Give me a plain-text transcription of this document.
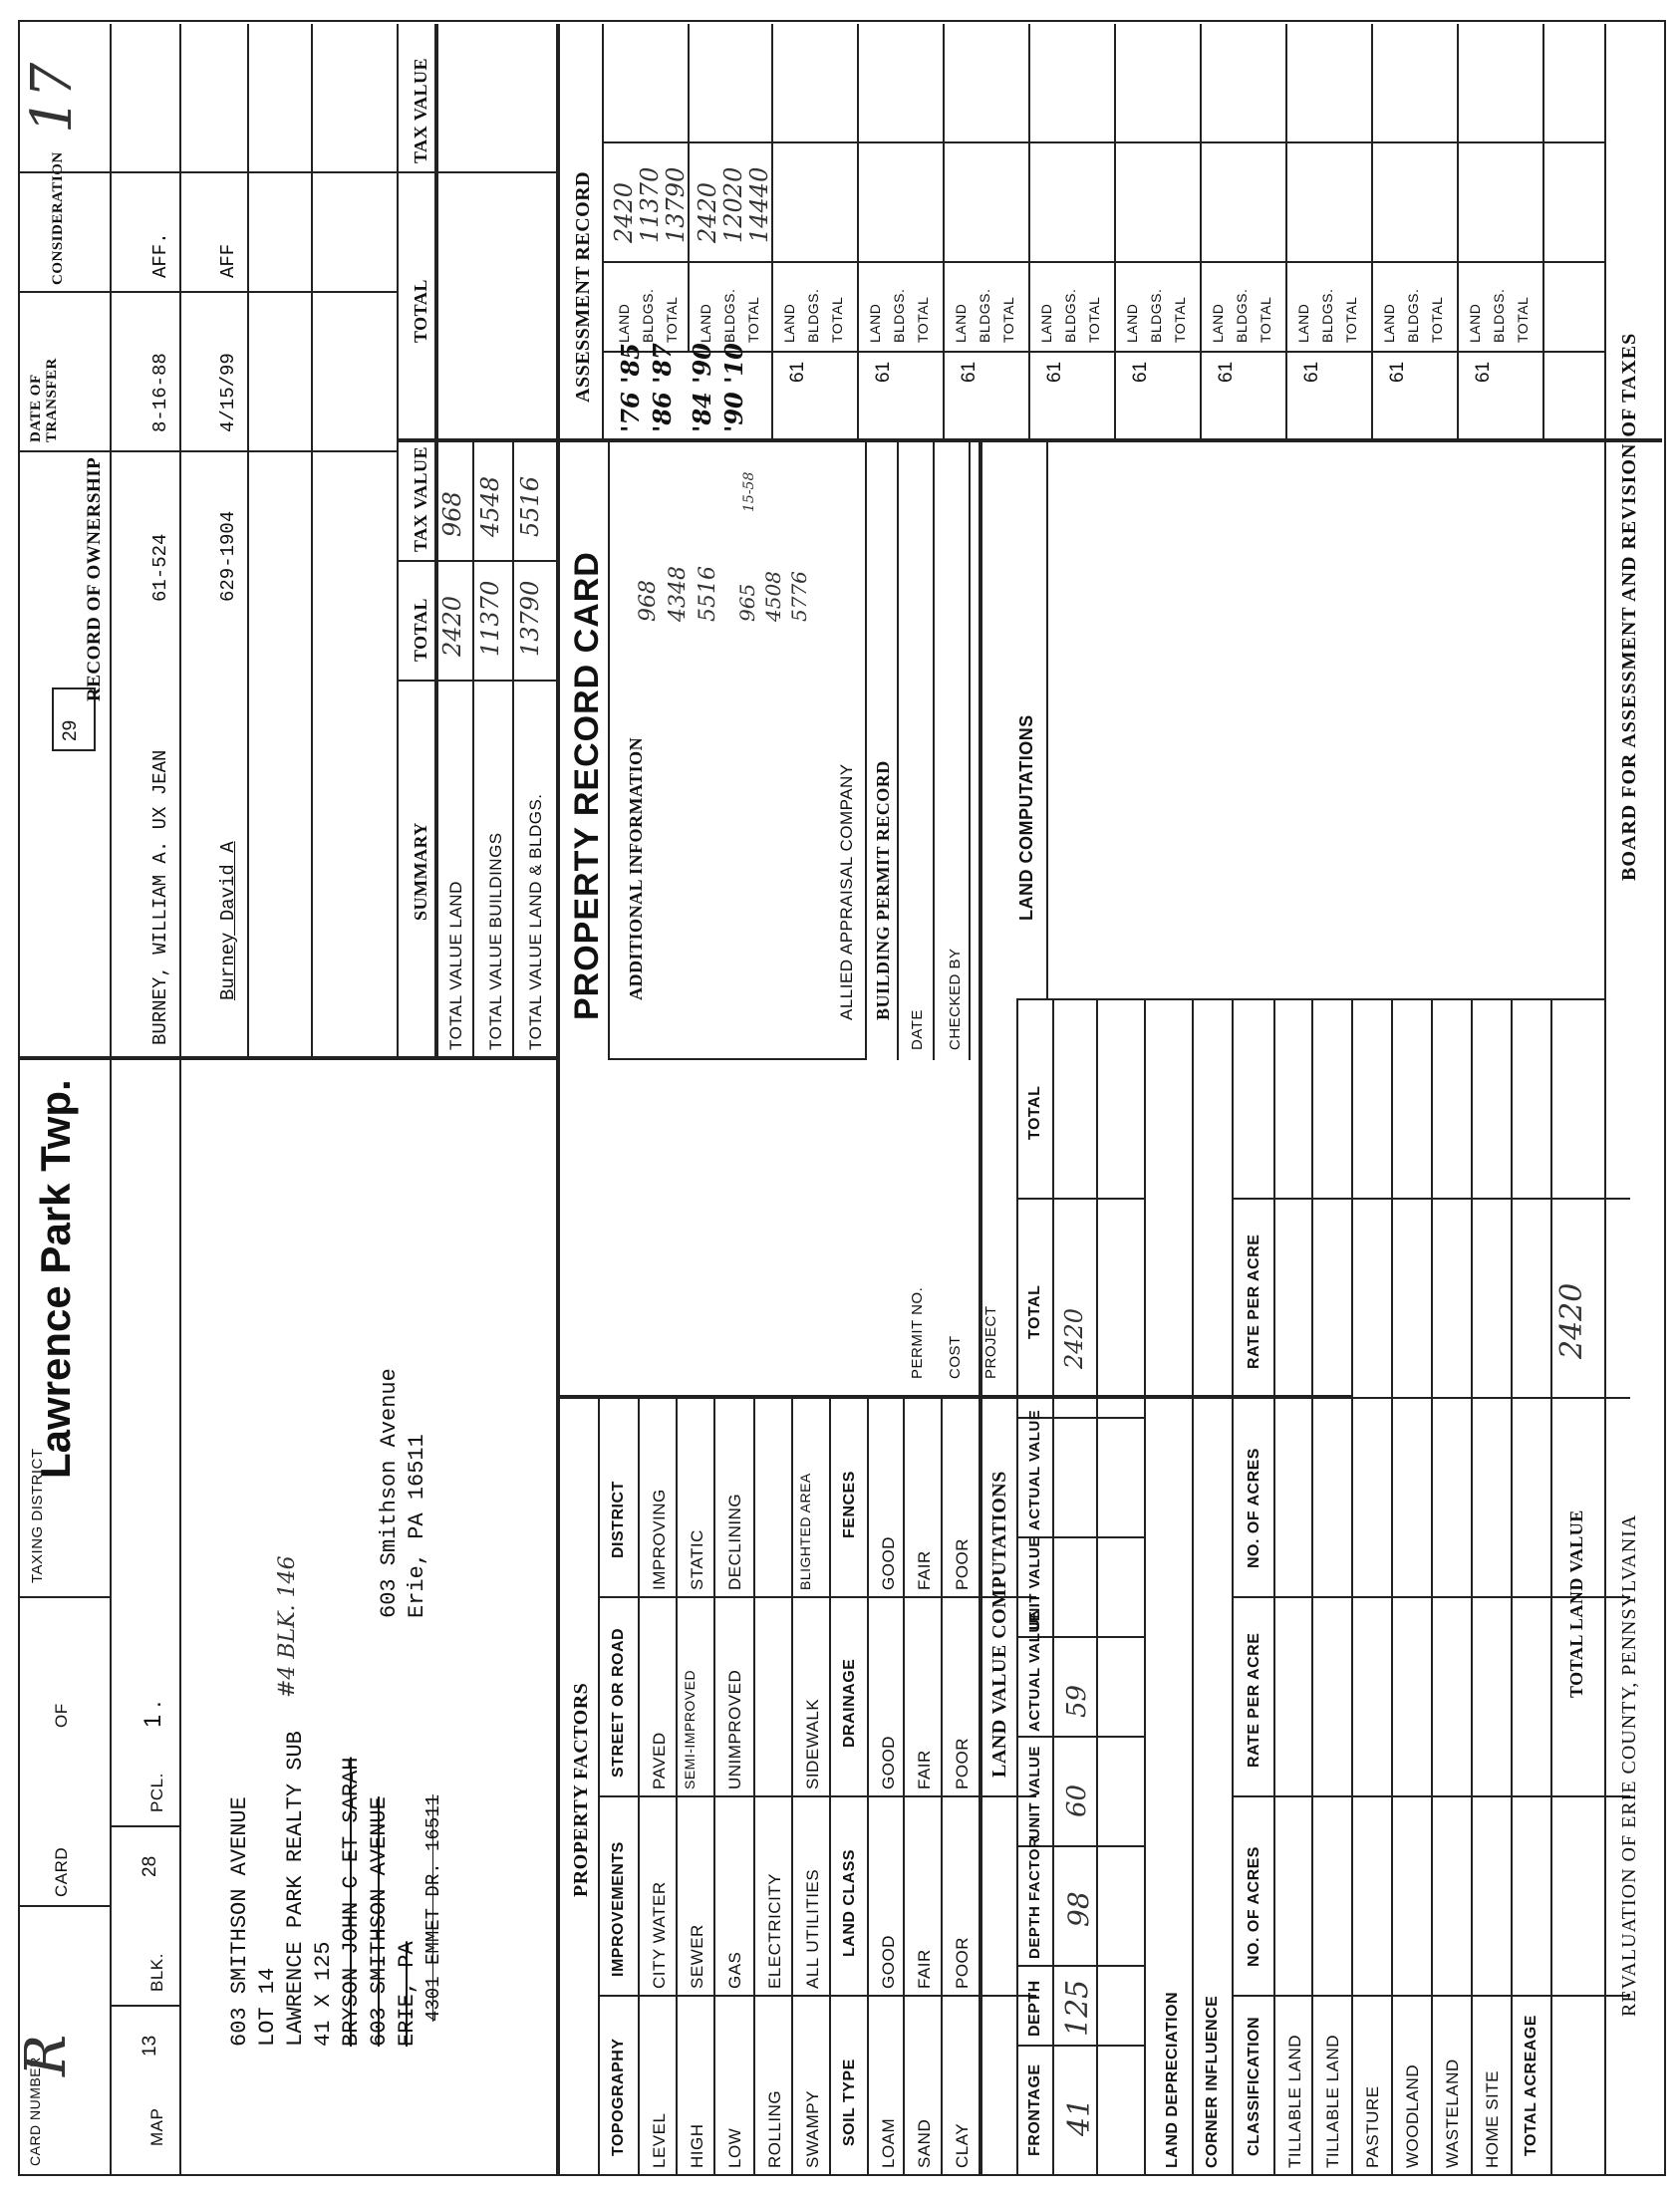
CARD NUMBER
R
CARD
OF
TAXING DISTRICT
Lawrence Park Twp.
17
29
MAP
13
BLK.
28
PCL.
1 .
603 SMITHSON AVENUE LOT 14 LAWRENCE PARK REALTY SUB
#4 BLK. 146
41 X 125 BRYSON JOHN C ET SARAH 603 SMITHSON AVENUE ERIE, PA 4301 EMMET DR. 16511
603 Smithson Avenue Erie, PA 16511
RECORD OF OWNERSHIP
DATE OF TRANSFER
CONSIDERATION
BURNEY, WILLIAM A. UX JEAN
61-524
8-16-88
AFF.
Burney David A
629-1904
4/15/99
AFF
SUMMARY
TOTAL
TAX VALUE
TOTAL VALUE LAND
2420
968
TOTAL VALUE BUILDINGS
11370
4548
TOTAL VALUE LAND & BLDGS.
13790
5516
TOTAL
TAX VALUE
PROPERTY RECORD CARD ADDITIONAL INFORMATION
968 4348 5516 965 4508 5776
15-58
ALLIED APPRAISAL COMPANY BUILDING PERMIT RECORD
DATE CHECKED BY
PERMIT NO. COST PROJECT
PROPERTY FACTORS
TOPOGRAPHY
IMPROVEMENTS
STREET OR ROAD
DISTRICT
LEVEL
CITY WATER
PAVED
IMPROVING
HIGH
SEWER
SEMI-IMPROVED
STATIC
LOW
GAS
UNIMPROVED
DECLINING
ROLLING
ELECTRICITY
SWAMPY
ALL UTILITIES
SIDEWALK
BLIGHTED AREA
SOIL TYPE
LAND CLASS
DRAINAGE
FENCES
LOAM
GOOD
GOOD
GOOD
SAND
FAIR
FAIR
FAIR
CLAY
POOR
POOR
POOR LAND VALUE COMPUTATIONS
FRONTAGE
DEPTH
DEPTH FACTOR
UNIT VALUE
ACTUAL VALUE
UNIT VALUE
ACTUAL VALUE
TOTAL
TOTAL
41
125
98
60
59
2420
LAND DEPRECIATION CORNER INFLUENCE CLASSIFICATION
NO. OF ACRES
RATE PER ACRE
NO. OF ACRES
RATE PER ACRE
TILLABLE LAND TILLABLE LAND PASTURE WOODLAND WASTELAND HOME SITE TOTAL ACREAGE
TOTAL LAND VALUE
2420
LAND COMPUTATIONS
ASSESSMENT RECORD '76 '85 '86 '87 '84 '90 '90 '10
LAND BLDGS. TOTAL
2420
11370
13790
LAND BLDGS. TOTAL
2420
12020
14440
61
LAND BLDGS. TOTAL
61
LAND BLDGS. TOTAL
61
LAND BLDGS. TOTAL
61
LAND BLDGS. TOTAL
61
LAND BLDGS. TOTAL
61
LAND BLDGS. TOTAL
61
LAND BLDGS. TOTAL
61
LAND BLDGS. TOTAL
61
LAND BLDGS. TOTAL
REVALUATION OF ERIE COUNTY, PENNSYLVANIA
BOARD FOR ASSESSMENT AND REVISION OF TAXES
